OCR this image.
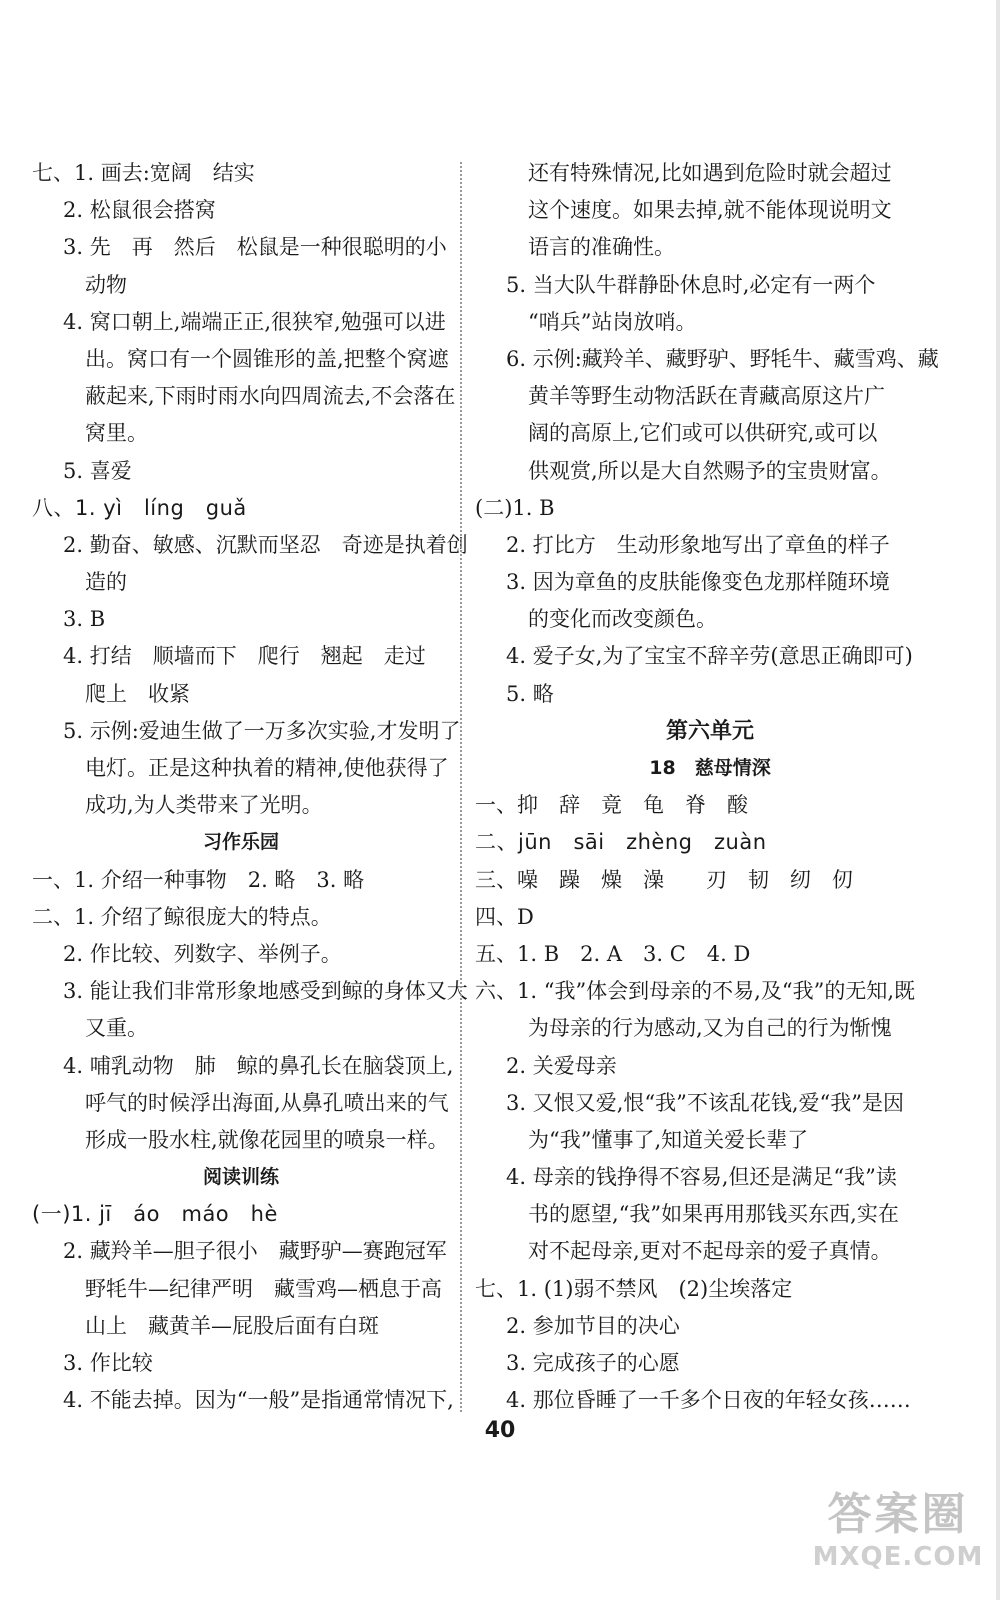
七、1. 画去:宽阔　结实
2. 松鼠很会搭窝
3. 先　再　然后　松鼠是一种很聪明的小
动物
4. 窝口朝上,端端正正,很狭窄,勉强可以进
出。窝口有一个圆锥形的盖,把整个窝遮
蔽起来,下雨时雨水向四周流去,不会落在
窝里。
5. 喜爱
八、1. yì　líng　guǎ
2. 勤奋、敏感、沉默而坚忍　奇迹是执着创
造的
3. B
4. 打结　顺墙而下　爬行　翘起　走过
爬上　收紧
5. 示例:爱迪生做了一万多次实验,才发明了
电灯。正是这种执着的精神,使他获得了
成功,为人类带来了光明。
习作乐园
一、1. 介绍一种事物　2. 略　3. 略
二、1. 介绍了鲸很庞大的特点。
2. 作比较、列数字、举例子。
3. 能让我们非常形象地感受到鲸的身体又大
又重。
4. 哺乳动物　肺　鲸的鼻孔长在脑袋顶上,
呼气的时候浮出海面,从鼻孔喷出来的气
形成一股水柱,就像花园里的喷泉一样。
阅读训练
(一)1. jī　áo　máo　hè
2. 藏羚羊—胆子很小　藏野驴—赛跑冠军
野牦牛—纪律严明　藏雪鸡—栖息于高
山上　藏黄羊—屁股后面有白斑
3. 作比较
4. 不能去掉。因为“一般”是指通常情况下,
还有特殊情况,比如遇到危险时就会超过
这个速度。如果去掉,就不能体现说明文
语言的准确性。
5. 当大队牛群静卧休息时,必定有一两个
“哨兵”站岗放哨。
6. 示例:藏羚羊、藏野驴、野牦牛、藏雪鸡、藏
黄羊等野生动物活跃在青藏高原这片广
阔的高原上,它们或可以供研究,或可以
供观赏,所以是大自然赐予的宝贵财富。
(二)1. B
2. 打比方　生动形象地写出了章鱼的样子
3. 因为章鱼的皮肤能像变色龙那样随环境
的变化而改变颜色。
4. 爱子女,为了宝宝不辞辛劳(意思正确即可)
5. 略
第六单元
18　慈母情深
一、抑　辞　竟　龟　脊　酸
二、jūn　sāi　zhèng　zuàn
三、噪　躁　燥　澡　　刃　韧　纫　仞
四、D
五、1. B　2. A　3. C　4. D
六、1. “我”体会到母亲的不易,及“我”的无知,既
为母亲的行为感动,又为自己的行为惭愧
2. 关爱母亲
3. 又恨又爱,恨“我”不该乱花钱,爱“我”是因
为“我”懂事了,知道关爱长辈了
4. 母亲的钱挣得不容易,但还是满足“我”读
书的愿望,“我”如果再用那钱买东西,实在
对不起母亲,更对不起母亲的爱子真情。
七、1. (1)弱不禁风　(2)尘埃落定
2. 参加节目的决心
3. 完成孩子的心愿
4. 那位昏睡了一千多个日夜的年轻女孩……
40
答案圈
MXQE.COM
